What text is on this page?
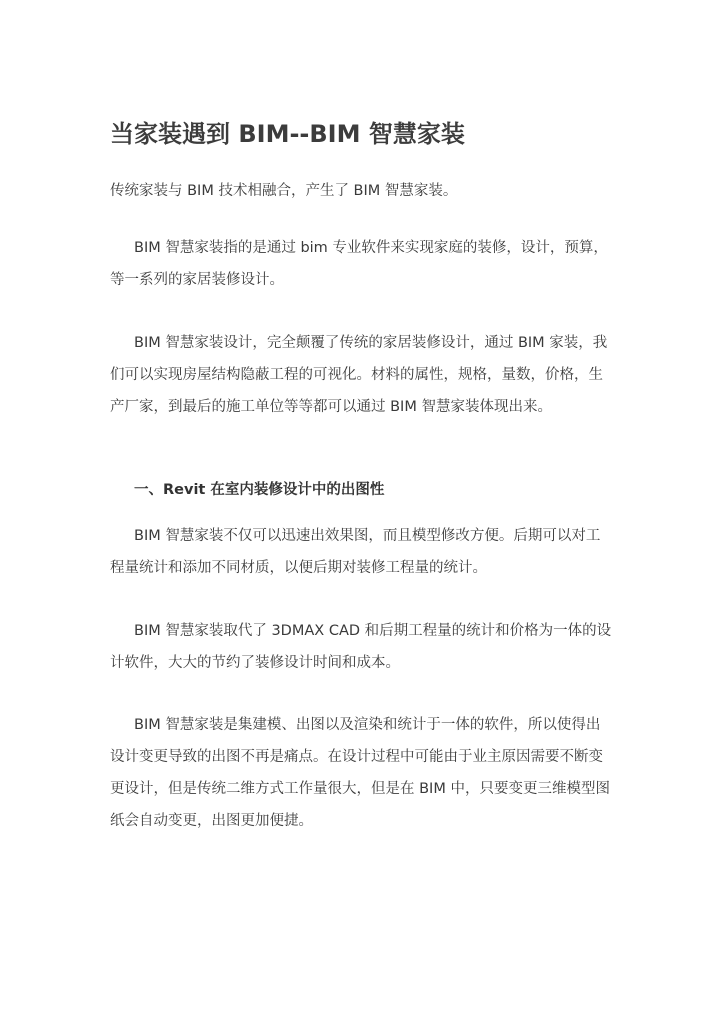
当家装遇到 BIM--BIM 智慧家装

传统家装与 BIM 技术相融合，产生了 BIM 智慧家装。

BIM 智慧家装指的是通过 bim 专业软件来实现家庭的装修，设计，预算，
等一系列的家居装修设计。

BIM 智慧家装设计，完全颠覆了传统的家居装修设计，通过 BIM 家装，我
们可以实现房屋结构隐蔽工程的可视化。材料的属性，规格，量数，价格，生
产厂家，到最后的施工单位等等都可以通过 BIM 智慧家装体现出来。

一、Revit 在室内装修设计中的出图性

BIM 智慧家装不仅可以迅速出效果图，而且模型修改方便。后期可以对工
程量统计和添加不同材质，以便后期对装修工程量的统计。

BIM 智慧家装取代了 3DMAX CAD 和后期工程量的统计和价格为一体的设
计软件，大大的节约了装修设计时间和成本。

BIM 智慧家装是集建模、出图以及渲染和统计于一体的软件，所以使得出
设计变更导致的出图不再是痛点。在设计过程中可能由于业主原因需要不断变
更设计，但是传统二维方式工作量很大，但是在 BIM 中，只要变更三维模型图
纸会自动变更，出图更加便捷。
